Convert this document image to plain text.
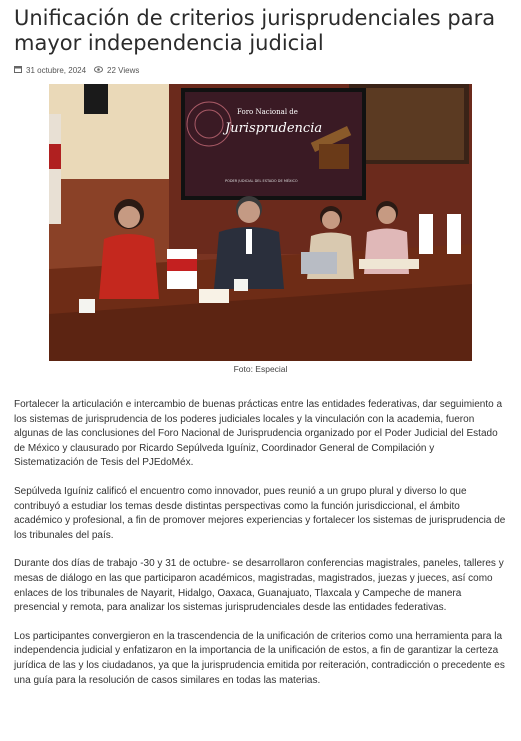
Unificación de criterios jurisprudenciales para mayor independencia judicial
31 octubre, 2024	22 Views
Foro Nacional de
Jurisprudencia
PODER JUDICIAL DEL ESTADO DE MÉXICO
Foto: Especial

Fortalecer la articulación e intercambio de buenas prácticas entre las entidades federativas, dar seguimiento a los sistemas de jurisprudencia de los poderes judiciales locales y la vinculación con la academia, fueron algunas de las conclusiones del Foro Nacional de Jurisprudencia organizado por el Poder Judicial del Estado de México y clausurado por Ricardo Sepúlveda Iguíniz, Coordinador General de Compilación y Sistematización de Tesis del PJEdoMéx.

Sepúlveda Iguíniz calificó el encuentro como innovador, pues reunió a un grupo plural y diverso lo que contribuyó a estudiar los temas desde distintas perspectivas como la función jurisdiccional, el ámbito académico y profesional, a fin de promover mejores experiencias y fortalecer los sistemas de jurisprudencia de los tribunales del país.

Durante dos días de trabajo -30 y 31 de octubre- se desarrollaron conferencias magistrales, paneles, talleres y mesas de diálogo en las que participaron académicos, magistradas, magistrados, juezas y jueces, así como enlaces de los tribunales de Nayarit, Hidalgo, Oaxaca, Guanajuato, Tlaxcala y Campeche de manera presencial y remota, para analizar los sistemas jurisprudenciales desde las entidades federativas.

Los participantes convergieron en la trascendencia de la unificación de criterios como una herramienta para la independencia judicial y enfatizaron en la importancia de la unificación de estos, a fin de garantizar la certeza jurídica de las y los ciudadanos, ya que la jurisprudencia emitida por reiteración, contradicción o precedente es una guía para la resolución de casos similares en todas las materias.
